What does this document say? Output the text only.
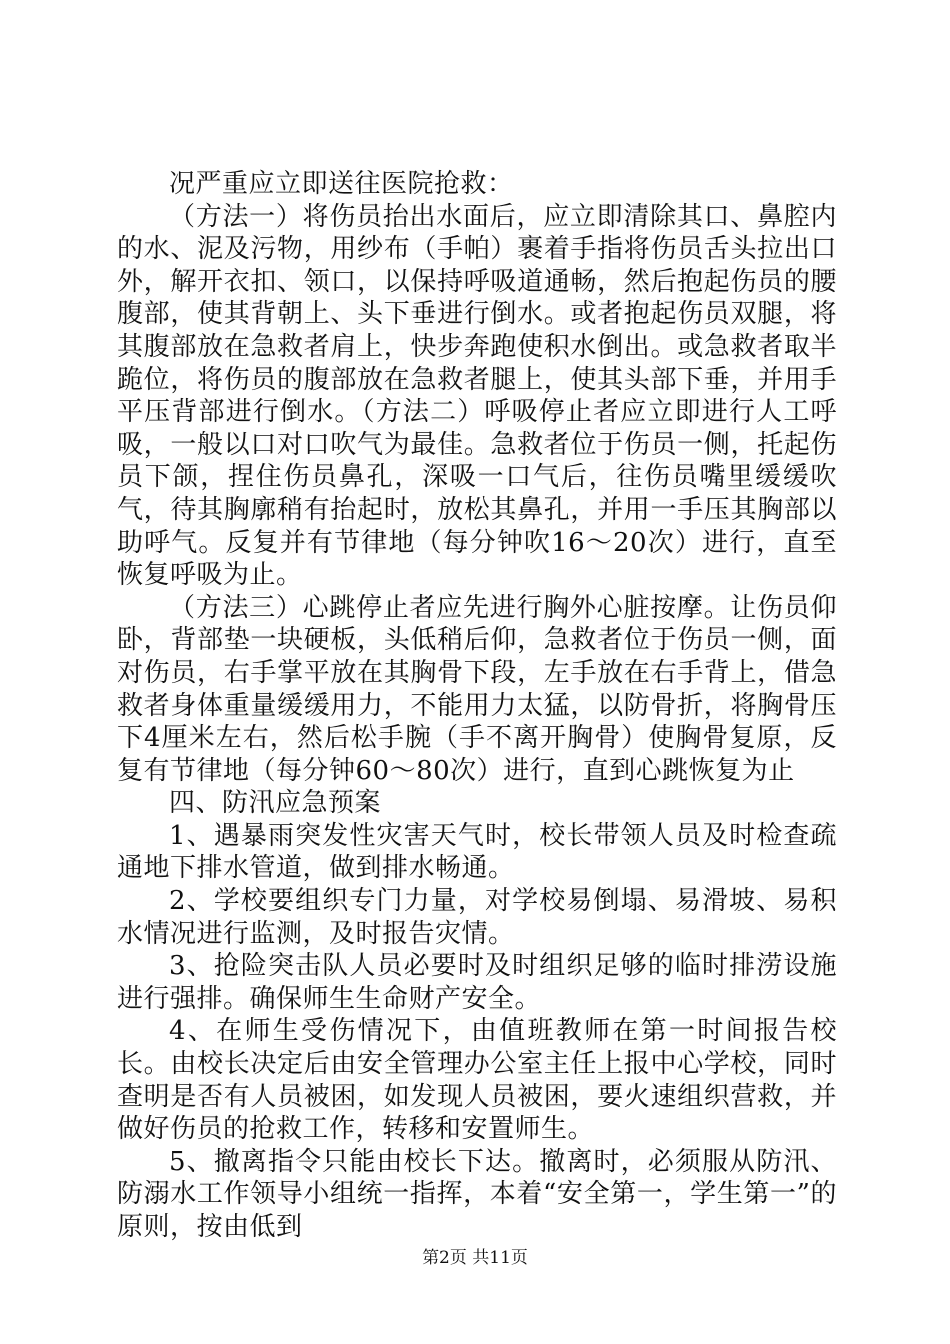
况严重应立即送往医院抢救：

（方法一）将伤员抬出水面后，应立即清除其口、鼻腔内的水、泥及污物，用纱布（手帕）裹着手指将伤员舌头拉出口外，解开衣扣、领口，以保持呼吸道通畅，然后抱起伤员的腰腹部，使其背朝上、头下垂进行倒水。或者抱起伤员双腿，将其腹部放在急救者肩上，快步奔跑使积水倒出。或急救者取半跪位，将伤员的腹部放在急救者腿上，使其头部下垂，并用手平压背部进行倒水。（方法二）呼吸停止者应立即进行人工呼吸，一般以口对口吹气为最佳。急救者位于伤员一侧，托起伤员下颌，捏住伤员鼻孔，深吸一口气后，往伤员嘴里缓缓吹气，待其胸廓稍有抬起时，放松其鼻孔，并用一手压其胸部以助呼气。反复并有节律地（每分钟吹16～20次）进行，直至恢复呼吸为止。

（方法三）心跳停止者应先进行胸外心脏按摩。让伤员仰卧，背部垫一块硬板，头低稍后仰，急救者位于伤员一侧，面对伤员，右手掌平放在其胸骨下段，左手放在右手背上，借急救者身体重量缓缓用力，不能用力太猛，以防骨折，将胸骨压下4厘米左右，然后松手腕（手不离开胸骨）使胸骨复原，反复有节律地（每分钟60～80次）进行，直到心跳恢复为止

四、防汛应急预案

1、遇暴雨突发性灾害天气时，校长带领人员及时检查疏通地下排水管道，做到排水畅通。

2、学校要组织专门力量，对学校易倒塌、易滑坡、易积水情况进行监测，及时报告灾情。

3、抢险突击队人员必要时及时组织足够的临时排涝设施进行强排。确保师生生命财产安全。

4、在师生受伤情况下，由值班教师在第一时间报告校长。由校长决定后由安全管理办公室主任上报中心学校，同时查明是否有人员被困，如发现人员被困，要火速组织营救，并做好伤员的抢救工作，转移和安置师生。

5、撤离指令只能由校长下达。撤离时，必须服从防汛、防溺水工作领导小组统一指挥，本着“安全第一，学生第一”的原则，按由低到

第2页 共11页
